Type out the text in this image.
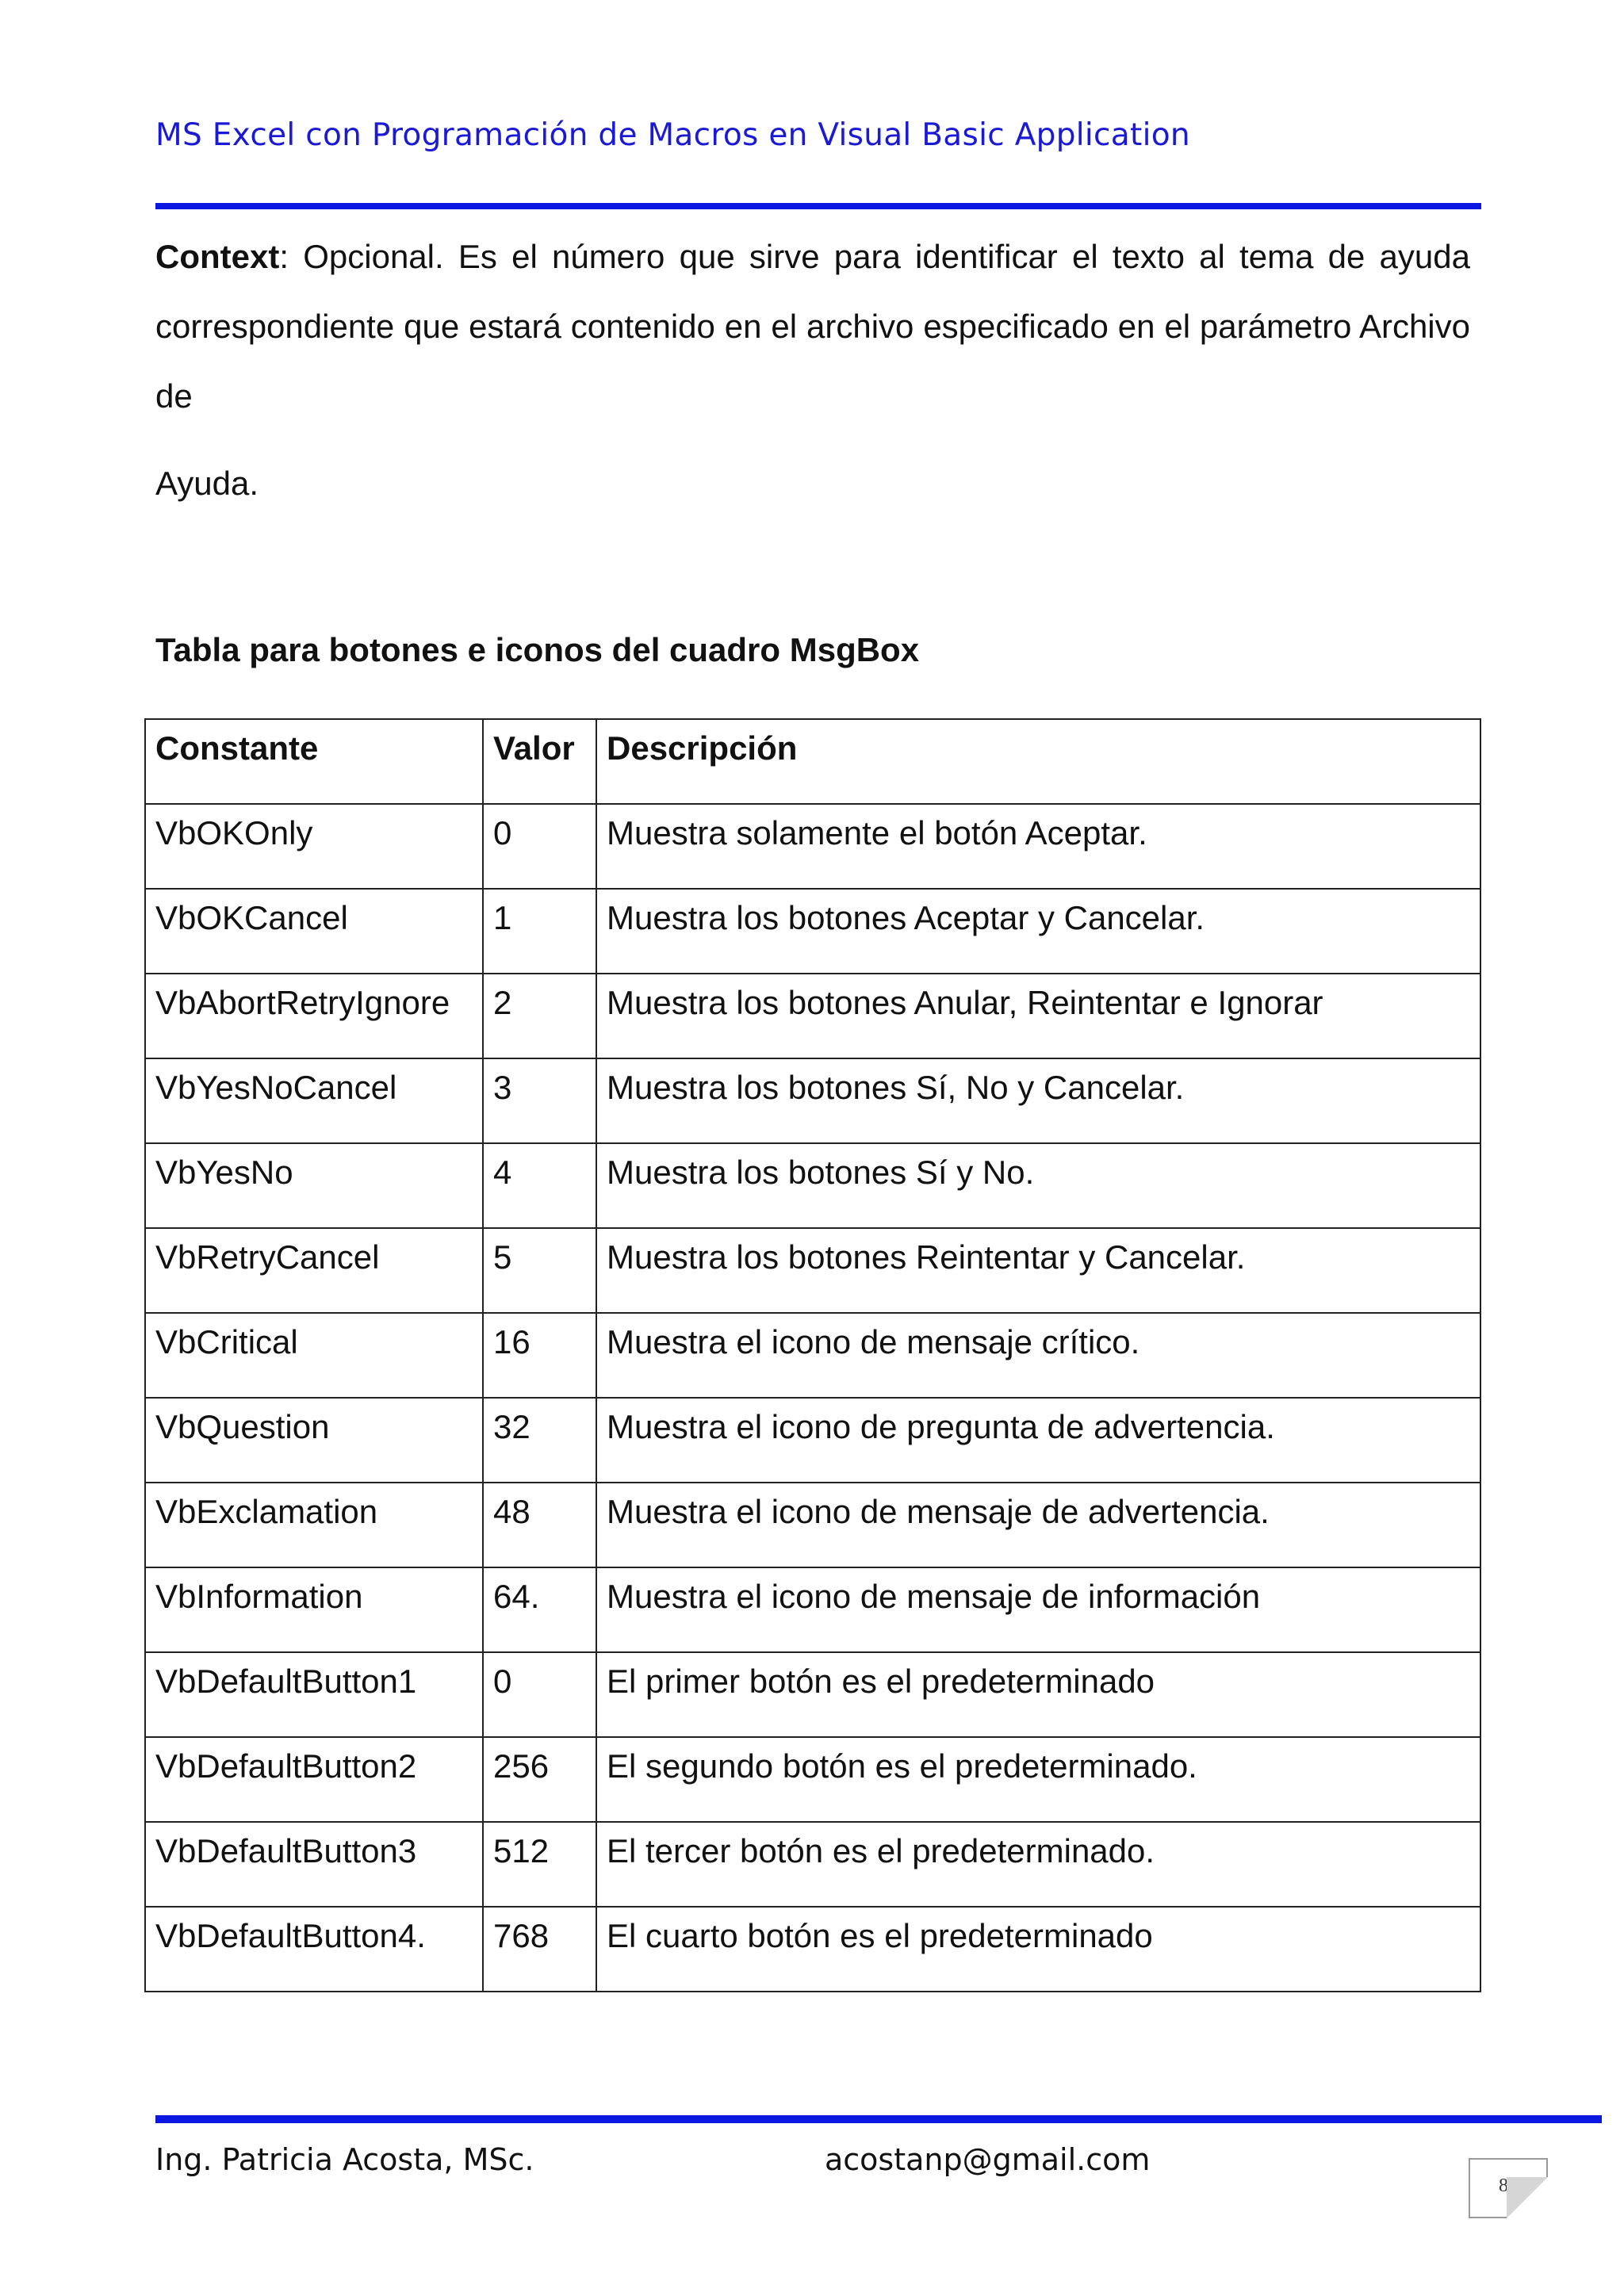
MS Excel con Programación de Macros en Visual Basic Application
Context: Opcional. Es el número que sirve para identificar el texto al tema de ayuda correspondiente que estará contenido en el archivo especificado en el parámetro Archivo de
Ayuda.
Tabla para botones e iconos del cuadro MsgBox
Constante	Valor	Descripción
VbOKOnly	0	Muestra solamente el botón Aceptar.
VbOKCancel	1	Muestra los botones Aceptar y Cancelar.
VbAbortRetryIgnore	2	Muestra los botones Anular, Reintentar e Ignorar
VbYesNoCancel	3	Muestra los botones Sí, No y Cancelar.
VbYesNo	4	Muestra los botones Sí y No.
VbRetryCancel	5	Muestra los botones Reintentar y Cancelar.
VbCritical	16	Muestra el icono de mensaje crítico.
VbQuestion	32	Muestra el icono de pregunta de advertencia.
VbExclamation	48	Muestra el icono de mensaje de advertencia.
VbInformation	64.	Muestra el icono de mensaje de información
VbDefaultButton1	0	El primer botón es el predeterminado
VbDefaultButton2	256	El segundo botón es el predeterminado.
VbDefaultButton3	512	El tercer botón es el predeterminado.
VbDefaultButton4.	768	El cuarto botón es el predeterminado
Ing. Patricia Acosta, MSc.	acostanp@gmail.com
87
